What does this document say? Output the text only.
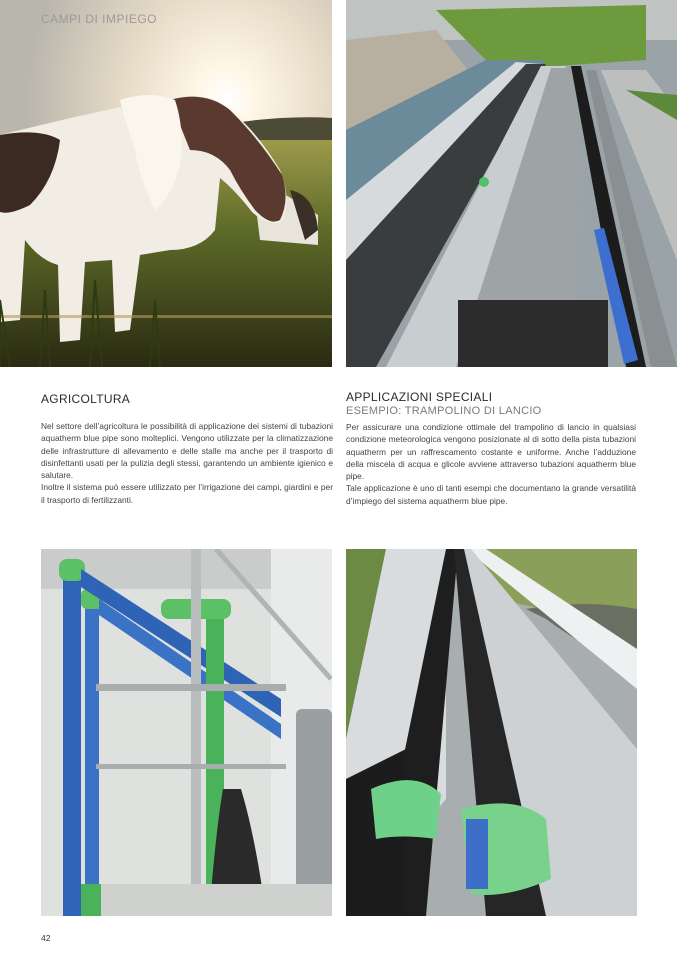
CAMPI DI IMPIEGO
AGRICOLTURA

Nel settore dell’agricoltura le possibilità di applicazione dei sistemi di tubazioni aquatherm blue pipe sono molteplici. Vengono utilizzate per la climatizzazione delle infrastrutture di allevamento e delle stalle ma anche per il trasporto di disinfettanti usati per la pulizia degli stessi, garantendo un ambiente igienico e salutare.

Inoltre il sistema può essere utilizzato per l’irrigazione dei campi, giardini e per il trasporto di fertilizzanti.

APPLICAZIONI SPECIALI
ESEMPIO: TRAMPOLINO DI LANCIO

Per assicurare una condizione ottimale del trampolino di lancio in qualsiasi condizione meteorologica vengono posizionate al di sotto della pista tubazioni aquatherm per un raffrescamento costante e uniforme. Anche l’adduzione della miscela di acqua e glicole avviene attraverso tubazioni aquatherm blue pipe.

Tale applicazione è uno di tanti esempi che documentano la grande versatilità d’impiego del sistema aquatherm blue pipe.

42
